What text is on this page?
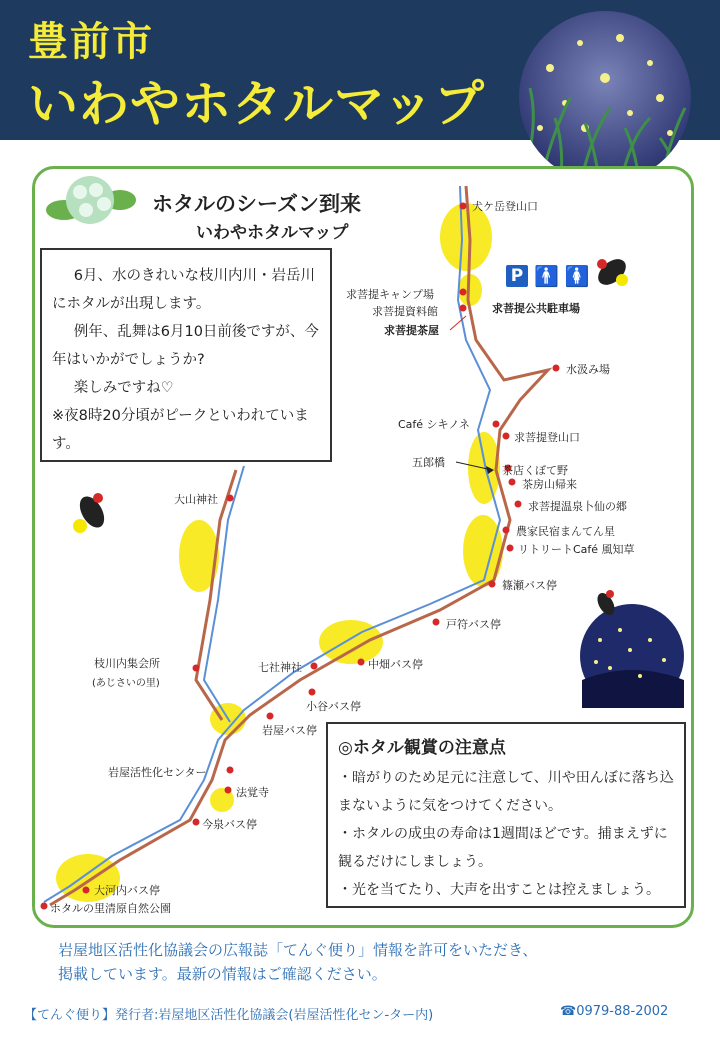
豊前市
いわやホタルマップ
ホタルのシーズン到来
いわやホタルマップ

6月、水のきれいな枝川内川・岩岳川にホタルが出現します。

例年、乱舞は6月10日前後ですが、今年はいかがでしょうか?

楽しみですね♡

※夜8時20分頃がピークといわれています。

P 🚹 🚺
犬ケ岳登山口
求菩提キャンプ場
求菩提資料館
求菩提茶屋
求菩提公共駐車場
水汲み場
Café シキノネ
求菩提登山口
五郎橋
茶店くぼて野
茶房山帰来
求菩提温泉卜仙の郷
農家民宿まんてん星
リトリートCafé 風知草
篠瀬バス停
戸符バス停
中畑バス停
七社神社
小谷バス停
岩屋バス停
大山神社
枝川内集会所
(あじさいの里)
岩屋活性化センター
法覚寺
今泉バス停
大河内バス停
ホタルの里清原自然公園
◎ホタル観賞の注意点

・暗がりのため足元に注意して、川や田んぼに落ち込まないように気をつけてください。

・ホタルの成虫の寿命は1週間ほどです。捕まえずに観るだけにしましょう。

・光を当てたり、大声を出すことは控えましょう。

岩屋地区活性化協議会の広報誌「てんぐ便り」情報を許可をいただき、

掲載しています。最新の情報はご確認ください。

【てんぐ便り】発行者:岩屋地区活性化協議会(岩屋活性化セン-ター内)	☎0979-88-2002
